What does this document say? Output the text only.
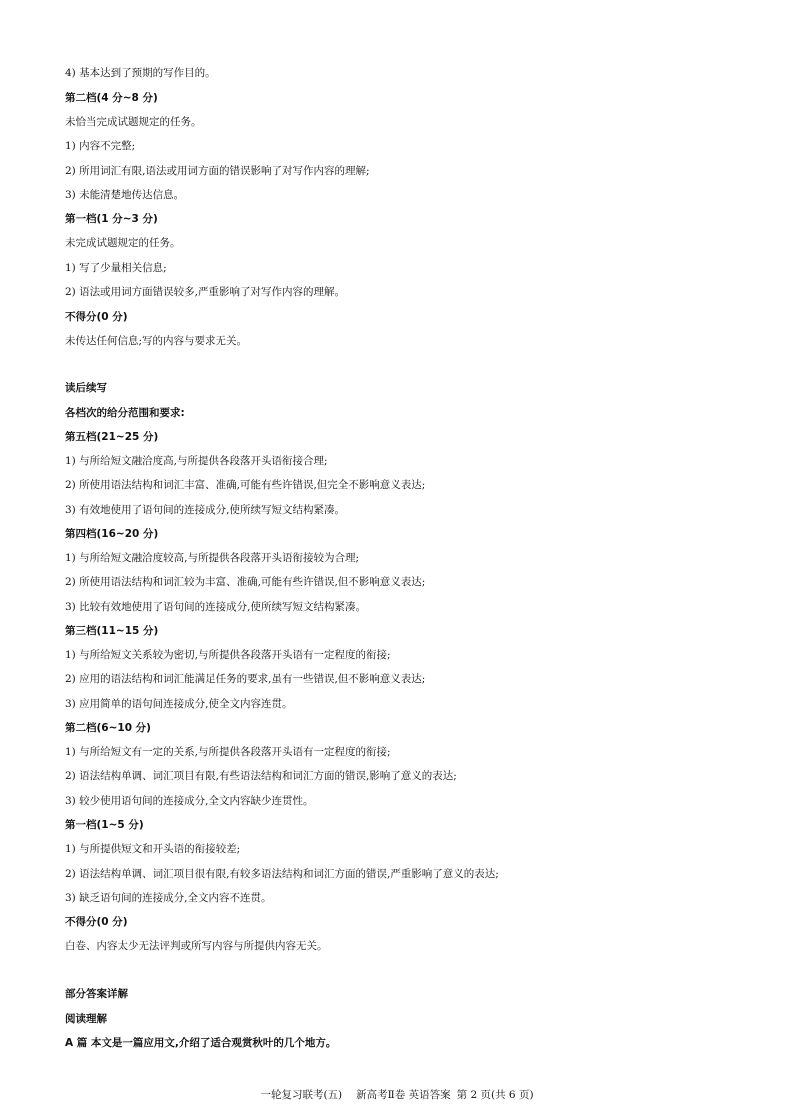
4) 基本达到了预期的写作目的。
第二档(4 分~8 分)
未恰当完成试题规定的任务。
1) 内容不完整;
2) 所用词汇有限,语法或用词方面的错误影响了对写作内容的理解;
3) 未能清楚地传达信息。
第一档(1 分~3 分)
未完成试题规定的任务。
1) 写了少量相关信息;
2) 语法或用词方面错误较多,严重影响了对写作内容的理解。
不得分(0 分)
未传达任何信息;写的内容与要求无关。
读后续写
各档次的给分范围和要求:
第五档(21~25 分)
1) 与所给短文融洽度高,与所提供各段落开头语衔接合理;
2) 所使用语法结构和词汇丰富、准确,可能有些许错误,但完全不影响意义表达;
3) 有效地使用了语句间的连接成分,使所续写短文结构紧凑。
第四档(16~20 分)
1) 与所给短文融洽度较高,与所提供各段落开头语衔接较为合理;
2) 所使用语法结构和词汇较为丰富、准确,可能有些许错误,但不影响意义表达;
3) 比较有效地使用了语句间的连接成分,使所续写短文结构紧凑。
第三档(11~15 分)
1) 与所给短文关系较为密切,与所提供各段落开头语有一定程度的衔接;
2) 应用的语法结构和词汇能满足任务的要求,虽有一些错误,但不影响意义表达;
3) 应用简单的语句间连接成分,使全文内容连贯。
第二档(6~10 分)
1) 与所给短文有一定的关系,与所提供各段落开头语有一定程度的衔接;
2) 语法结构单调、词汇项目有限,有些语法结构和词汇方面的错误,影响了意义的表达;
3) 较少使用语句间的连接成分,全文内容缺少连贯性。
第一档(1~5 分)
1) 与所提供短文和开头语的衔接较差;
2) 语法结构单调、词汇项目很有限,有较多语法结构和词汇方面的错误,严重影响了意义的表达;
3) 缺乏语句间的连接成分,全文内容不连贯。
不得分(0 分)
白卷、内容太少无法评判或所写内容与所提供内容无关。
部分答案详解
阅读理解
A 篇 本文是一篇应用文,介绍了适合观赏秋叶的几个地方。
一轮复习联考(五) 新高考Ⅱ卷 英语答案 第 2 页(共 6 页)
